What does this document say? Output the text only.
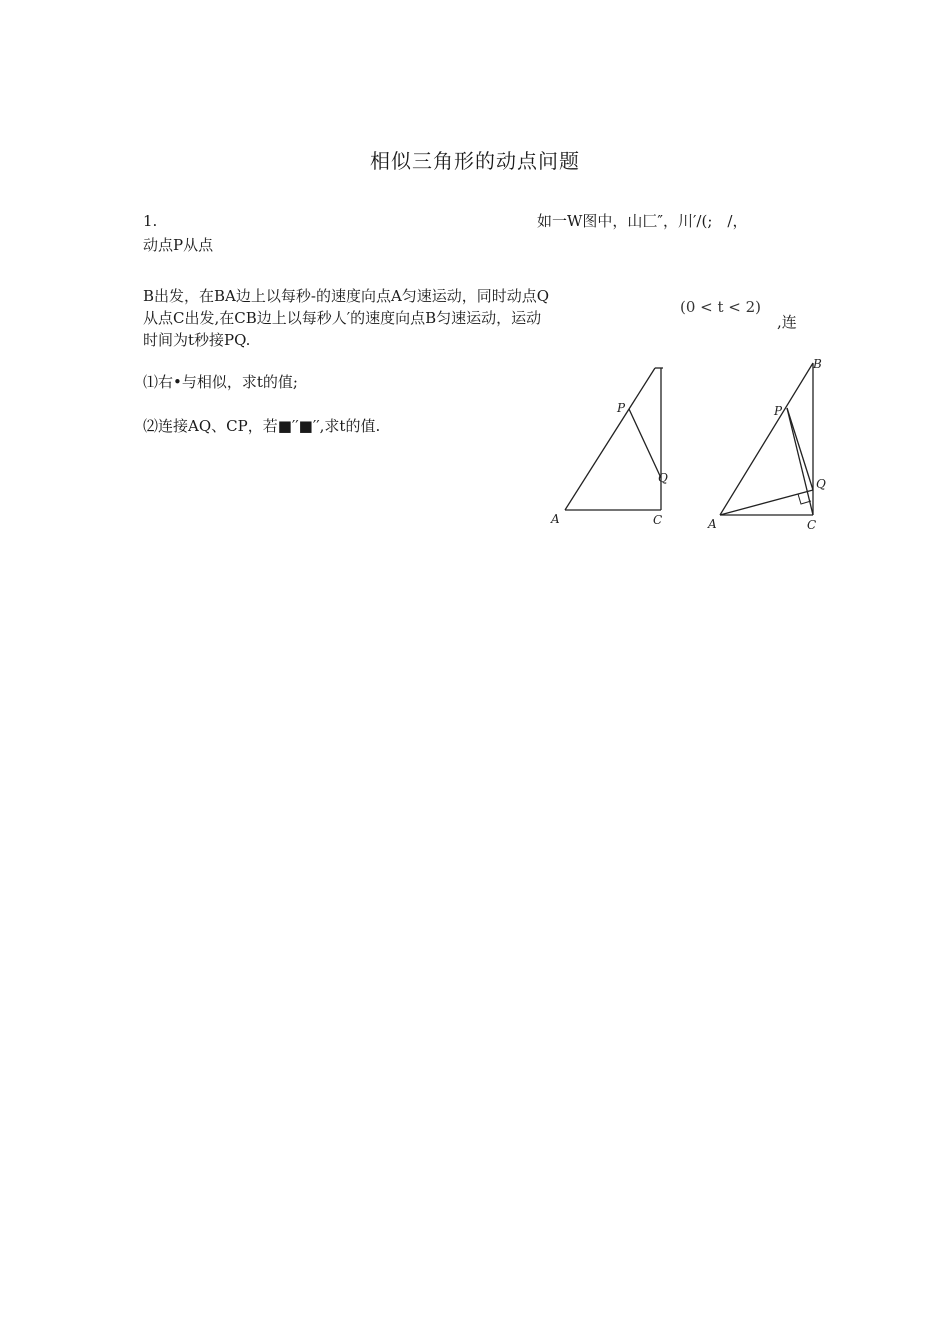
相似三角形的动点问题
1.	如一W图中，山匚″，川′/(;　/，
动点P从点
B出发，在BA边上以每秒-的速度向点A匀速运动，同时动点Q
从点C出发,在CB边上以每秒人′的速度向点B匀速运动，运动
时间为t秒接PQ.
(0 < t < 2)
,连
⑴右•与相似，求t的值;
⑵连接AQ、CP，若■′′■′′,求t的值.
P
Q
A	C
B
P
Q
A	C
